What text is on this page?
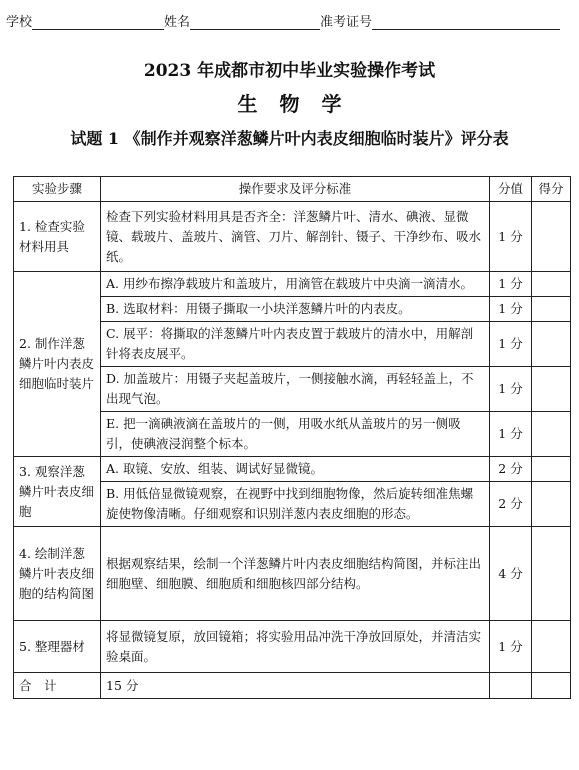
学校	姓名	准考证号
2023 年成都市初中毕业实验操作考试
生物学
试题 1 《制作并观察洋葱鳞片叶内表皮细胞临时装片》评分表
实验步骤	操作要求及评分标准	分值	得分
1. 检查实验材料用具	检查下列实验材料用具是否齐全：洋葱鳞片叶、清水、碘液、显微镜、载玻片、盖玻片、滴管、刀片、解剖针、镊子、干净纱布、吸水纸。	1 分	
2. 制作洋葱鳞片叶内表皮细胞临时装片	A. 用纱布擦净载玻片和盖玻片，用滴管在载玻片中央滴一滴清水。	1 分	
	B. 选取材料：用镊子撕取一小块洋葱鳞片叶的内表皮。	1 分	
	C. 展平：将撕取的洋葱鳞片叶内表皮置于载玻片的清水中，用解剖针将表皮展平。	1 分	
	D. 加盖玻片：用镊子夹起盖玻片，一侧接触水滴，再轻轻盖上，不出现气泡。	1 分	
	E. 把一滴碘液滴在盖玻片的一侧，用吸水纸从盖玻片的另一侧吸引，使碘液浸润整个标本。	1 分	
3. 观察洋葱鳞片叶表皮细胞	A. 取镜、安放、组装、调试好显微镜。	2 分	
	B. 用低倍显微镜观察，在视野中找到细胞物像，然后旋转细准焦螺旋使物像清晰。仔细观察和识别洋葱内表皮细胞的形态。	2 分	
4. 绘制洋葱鳞片叶表皮细胞的结构简图	根据观察结果，绘制一个洋葱鳞片叶内表皮细胞结构简图，并标注出细胞壁、细胞膜、细胞质和细胞核四部分结构。	4 分	
5. 整理器材	将显微镜复原，放回镜箱；将实验用品冲洗干净放回原处，并清洁实验桌面。	1 分	
合　计	15 分		
